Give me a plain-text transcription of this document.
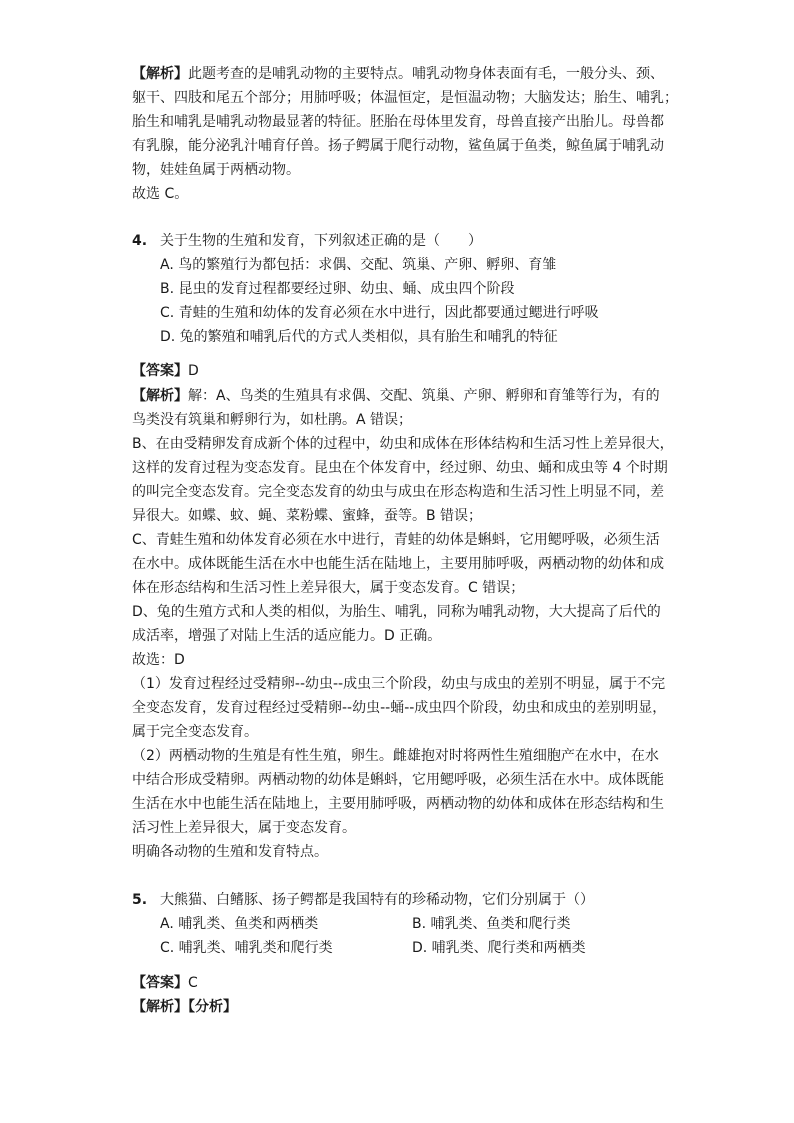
【解析】此题考查的是哺乳动物的主要特点。哺乳动物身体表面有毛，一般分头、颈、
躯干、四肢和尾五个部分；用肺呼吸；体温恒定，是恒温动物；大脑发达；胎生、哺乳；
胎生和哺乳是哺乳动物最显著的特征。胚胎在母体里发育，母兽直接产出胎儿。母兽都
有乳腺，能分泌乳汁哺育仔兽。扬子鳄属于爬行动物，鲨鱼属于鱼类，鲸鱼属于哺乳动
物，娃娃鱼属于两栖动物。
故选 C。
4. 关于生物的生殖和发育，下列叙述正确的是（　　）
A. 鸟的繁殖行为都包括：求偶、交配、筑巢、产卵、孵卵、育雏
B. 昆虫的发育过程都要经过卵、幼虫、蛹、成虫四个阶段
C. 青蛙的生殖和幼体的发育必须在水中进行，因此都要通过鳃进行呼吸
D. 兔的繁殖和哺乳后代的方式人类相似，具有胎生和哺乳的特征
【答案】D
【解析】解：A、鸟类的生殖具有求偶、交配、筑巢、产卵、孵卵和育雏等行为，有的
鸟类没有筑巢和孵卵行为，如杜鹃。A 错误；
B、在由受精卵发育成新个体的过程中，幼虫和成体在形体结构和生活习性上差异很大，
这样的发育过程为变态发育。昆虫在个体发育中，经过卵、幼虫、蛹和成虫等 4 个时期
的叫完全变态发育。完全变态发育的幼虫与成虫在形态构造和生活习性上明显不同，差
异很大。如蝶、蚊、蝇、菜粉蝶、蜜蜂，蚕等。B 错误；
C、青蛙生殖和幼体发育必须在水中进行，青蛙的幼体是蝌蚪，它用鳃呼吸，必须生活
在水中。成体既能生活在水中也能生活在陆地上，主要用肺呼吸，两栖动物的幼体和成
体在形态结构和生活习性上差异很大，属于变态发育。C 错误；
D、兔的生殖方式和人类的相似，为胎生、哺乳，同称为哺乳动物，大大提高了后代的
成活率，增强了对陆上生活的适应能力。D 正确。
故选：D
（1）发育过程经过受精卵--幼虫--成虫三个阶段，幼虫与成虫的差别不明显，属于不完
全变态发育，发育过程经过受精卵--幼虫--蛹--成虫四个阶段，幼虫和成虫的差别明显，
属于完全变态发育。
（2）两栖动物的生殖是有性生殖，卵生。雌雄抱对时将两性生殖细胞产在水中，在水
中结合形成受精卵。两栖动物的幼体是蝌蚪，它用鳃呼吸，必须生活在水中。成体既能
生活在水中也能生活在陆地上，主要用肺呼吸，两栖动物的幼体和成体在形态结构和生
活习性上差异很大，属于变态发育。
明确各动物的生殖和发育特点。
5. 大熊猫、白鳍豚、扬子鳄都是我国特有的珍稀动物，它们分别属于（）
A. 哺乳类、鱼类和两栖类	B. 哺乳类、鱼类和爬行类
C. 哺乳类、哺乳类和爬行类	D. 哺乳类、爬行类和两栖类
【答案】C
【解析】【分析】
